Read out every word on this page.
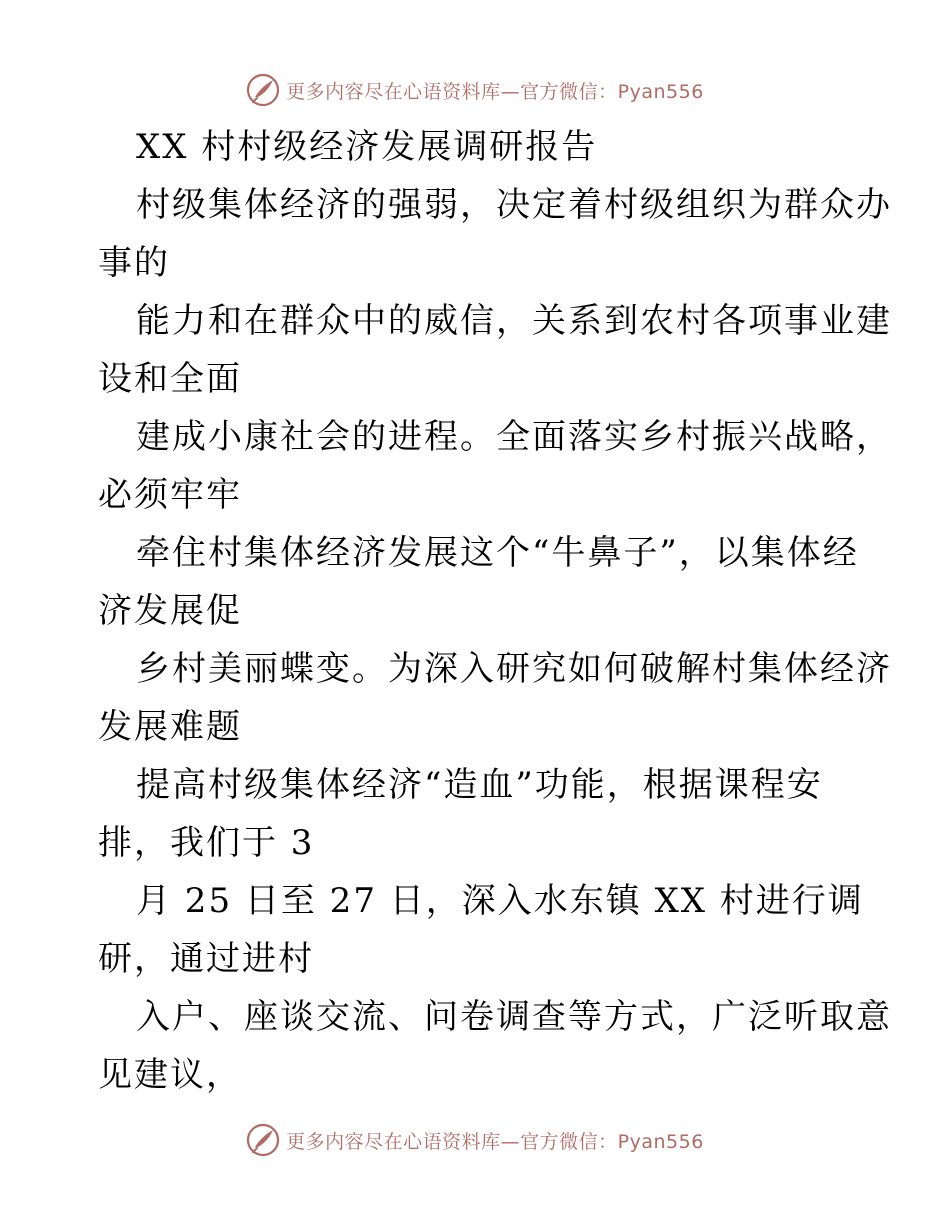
更多内容尽在心语资料库—官方微信：Pyan556
XX 村村级经济发展调研报告
村级集体经济的强弱，决定着村级组织为群众办
事的
能力和在群众中的威信，关系到农村各项事业建
设和全面
建成小康社会的进程。全面落实乡村振兴战略，
必须牢牢
牵住村集体经济发展这个“牛鼻子”，以集体经
济发展促
乡村美丽蝶变。为深入研究如何破解村集体经济
发展难题
提高村级集体经济“造血”功能，根据课程安
排，我们于 3
月 25 日至 27 日，深入水东镇 XX 村进行调
研，通过进村
入户、座谈交流、问卷调查等方式，广泛听取意
见建议，
更多内容尽在心语资料库—官方微信：Pyan556
